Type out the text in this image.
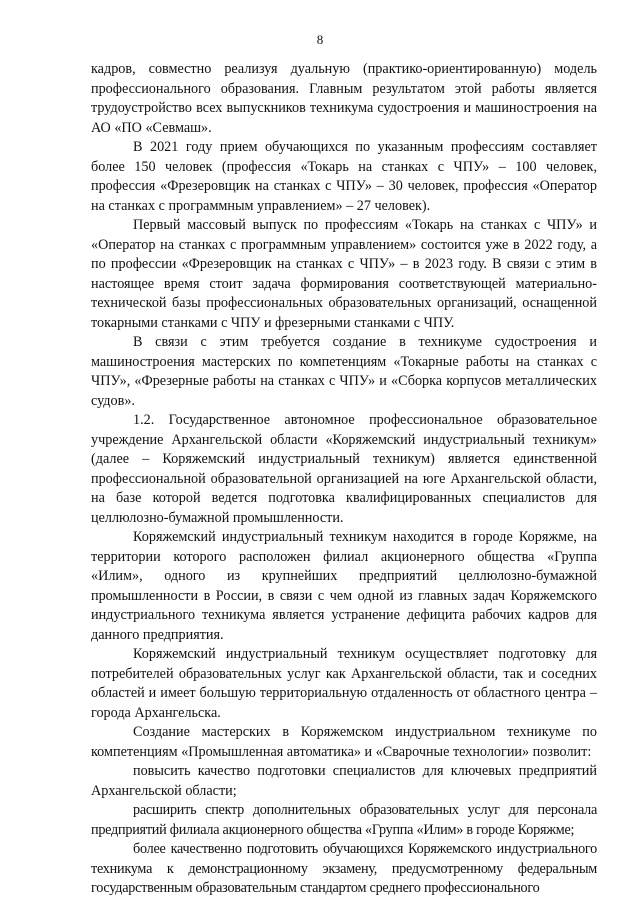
8

кадров, совместно реализуя дуальную (практико-ориентированную) модель профессионального образования. Главным результатом этой работы является трудоустройство всех выпускников техникума судостроения и машиностроения на АО «ПО «Севмаш».

В 2021 году прием обучающихся по указанным профессиям составляет более 150 человек (профессия «Токарь на станках с ЧПУ» – 100 человек, профессия «Фрезеровщик на станках с ЧПУ» – 30 человек, профессия «Оператор на станках с программным управлением» – 27 человек).

Первый массовый выпуск по профессиям «Токарь на станках с ЧПУ» и «Оператор на станках с программным управлением» состоится уже в 2022 году, а по профессии «Фрезеровщик на станках с ЧПУ» – в 2023 году. В связи с этим в настоящее время стоит задача формирования соответствующей материально-технической базы профессиональных образовательных организаций, оснащенной токарными станками с ЧПУ и фрезерными станками с ЧПУ.

В связи с этим требуется создание в техникуме судостроения и машиностроения мастерских по компетенциям «Токарные работы на станках с ЧПУ», «Фрезерные работы на станках с ЧПУ» и «Сборка корпусов металлических судов».

1.2. Государственное автономное профессиональное образовательное учреждение Архангельской области «Коряжемский индустриальный техникум» (далее – Коряжемский индустриальный техникум) является единственной профессиональной образовательной организацией на юге Архангельской области, на базе которой ведется подготовка квалифицированных специалистов для целлюлозно-бумажной промышленности.

Коряжемский индустриальный техникум находится в городе Коряжме, на территории которого расположен филиал акционерного общества «Группа «Илим», одного из крупнейших предприятий целлюлозно-бумажной промышленности в России, в связи с чем одной из главных задач Коряжемского индустриального техникума является устранение дефицита рабочих кадров для данного предприятия.

Коряжемский индустриальный техникум осуществляет подготовку для потребителей образовательных услуг как Архангельской области, так и соседних областей и имеет большую территориальную отдаленность от областного центра – города Архангельска.

Создание мастерских в Коряжемском индустриальном техникуме по компетенциям «Промышленная автоматика» и «Сварочные технологии» позволит:

повысить качество подготовки специалистов для ключевых предприятий Архангельской области;

расширить спектр дополнительных образовательных услуг для персонала предприятий филиала акционерного общества «Группа «Илим» в городе Коряжме;

более качественно подготовить обучающихся Коряжемского индустриального техникума к демонстрационному экзамену, предусмотренному федеральным государственным образовательным стандартом среднего профессионального
